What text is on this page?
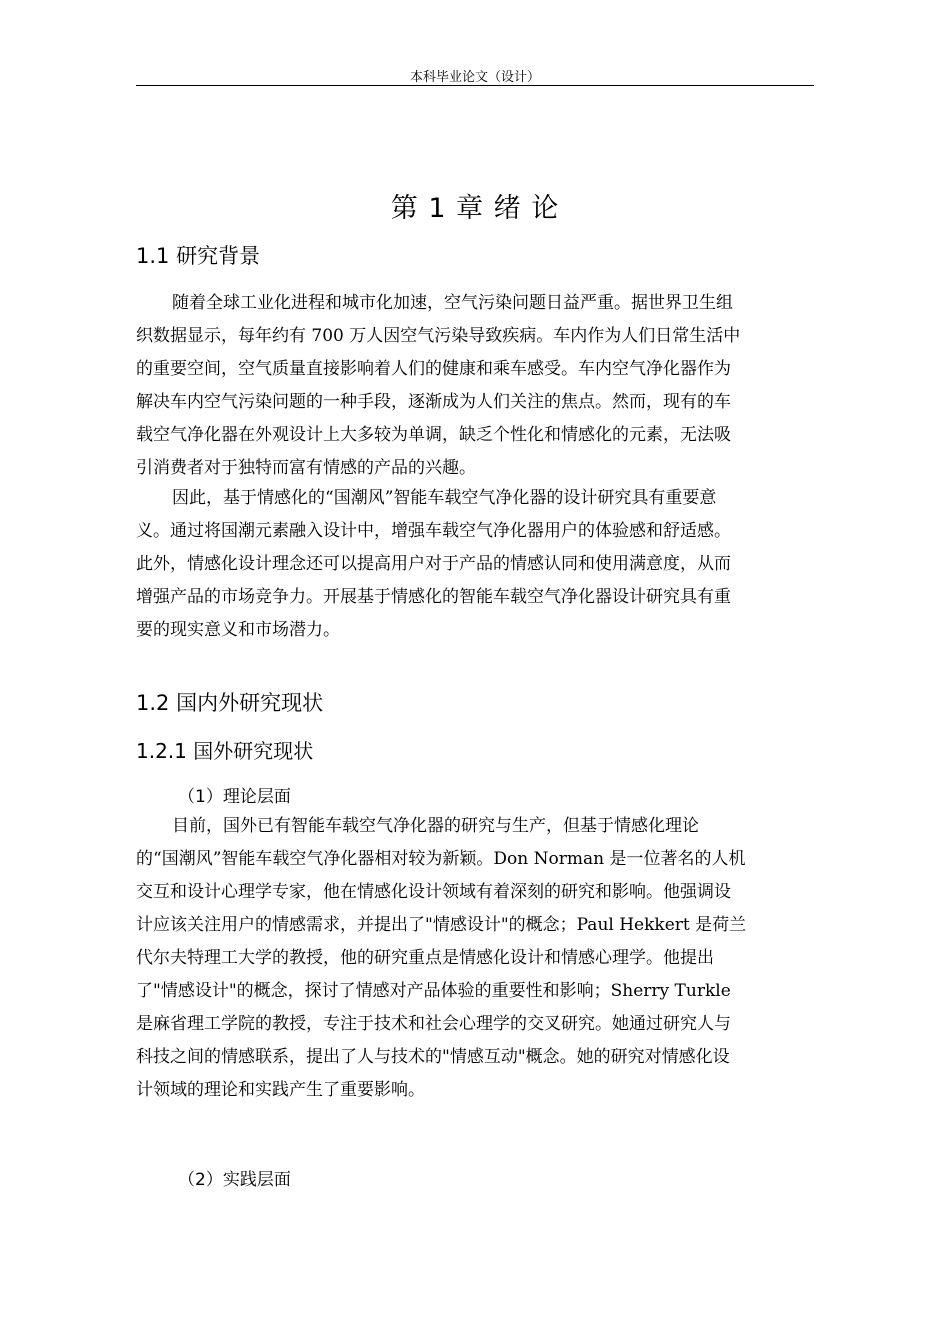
本科毕业论文（设计）
第 1 章 绪 论
1.1 研究背景
随着全球工业化进程和城市化加速，空气污染问题日益严重。据世界卫生组
织数据显示，每年约有 700 万人因空气污染导致疾病。车内作为人们日常生活中
的重要空间，空气质量直接影响着人们的健康和乘车感受。车内空气净化器作为
解决车内空气污染问题的一种手段，逐渐成为人们关注的焦点。然而，现有的车
载空气净化器在外观设计上大多较为单调，缺乏个性化和情感化的元素，无法吸
引消费者对于独特而富有情感的产品的兴趣。
因此，基于情感化的“国潮风”智能车载空气净化器的设计研究具有重要意
义。通过将国潮元素融入设计中，增强车载空气净化器用户的体验感和舒适感。
此外，情感化设计理念还可以提高用户对于产品的情感认同和使用满意度，从而
增强产品的市场竞争力。开展基于情感化的智能车载空气净化器设计研究具有重
要的现实意义和市场潜力。
1.2 国内外研究现状
1.2.1 国外研究现状
（1）理论层面
目前，国外已有智能车载空气净化器的研究与生产，但基于情感化理论
的“国潮风”智能车载空气净化器相对较为新颖。Don Norman 是一位著名的人机
交互和设计心理学专家，他在情感化设计领域有着深刻的研究和影响。他强调设
计应该关注用户的情感需求，并提出了"情感设计"的概念；Paul Hekkert 是荷兰
代尔夫特理工大学的教授，他的研究重点是情感化设计和情感心理学。他提出
了"情感设计"的概念，探讨了情感对产品体验的重要性和影响；Sherry Turkle
是麻省理工学院的教授，专注于技术和社会心理学的交叉研究。她通过研究人与
科技之间的情感联系，提出了人与技术的"情感互动"概念。她的研究对情感化设
计领域的理论和实践产生了重要影响。
（2）实践层面
